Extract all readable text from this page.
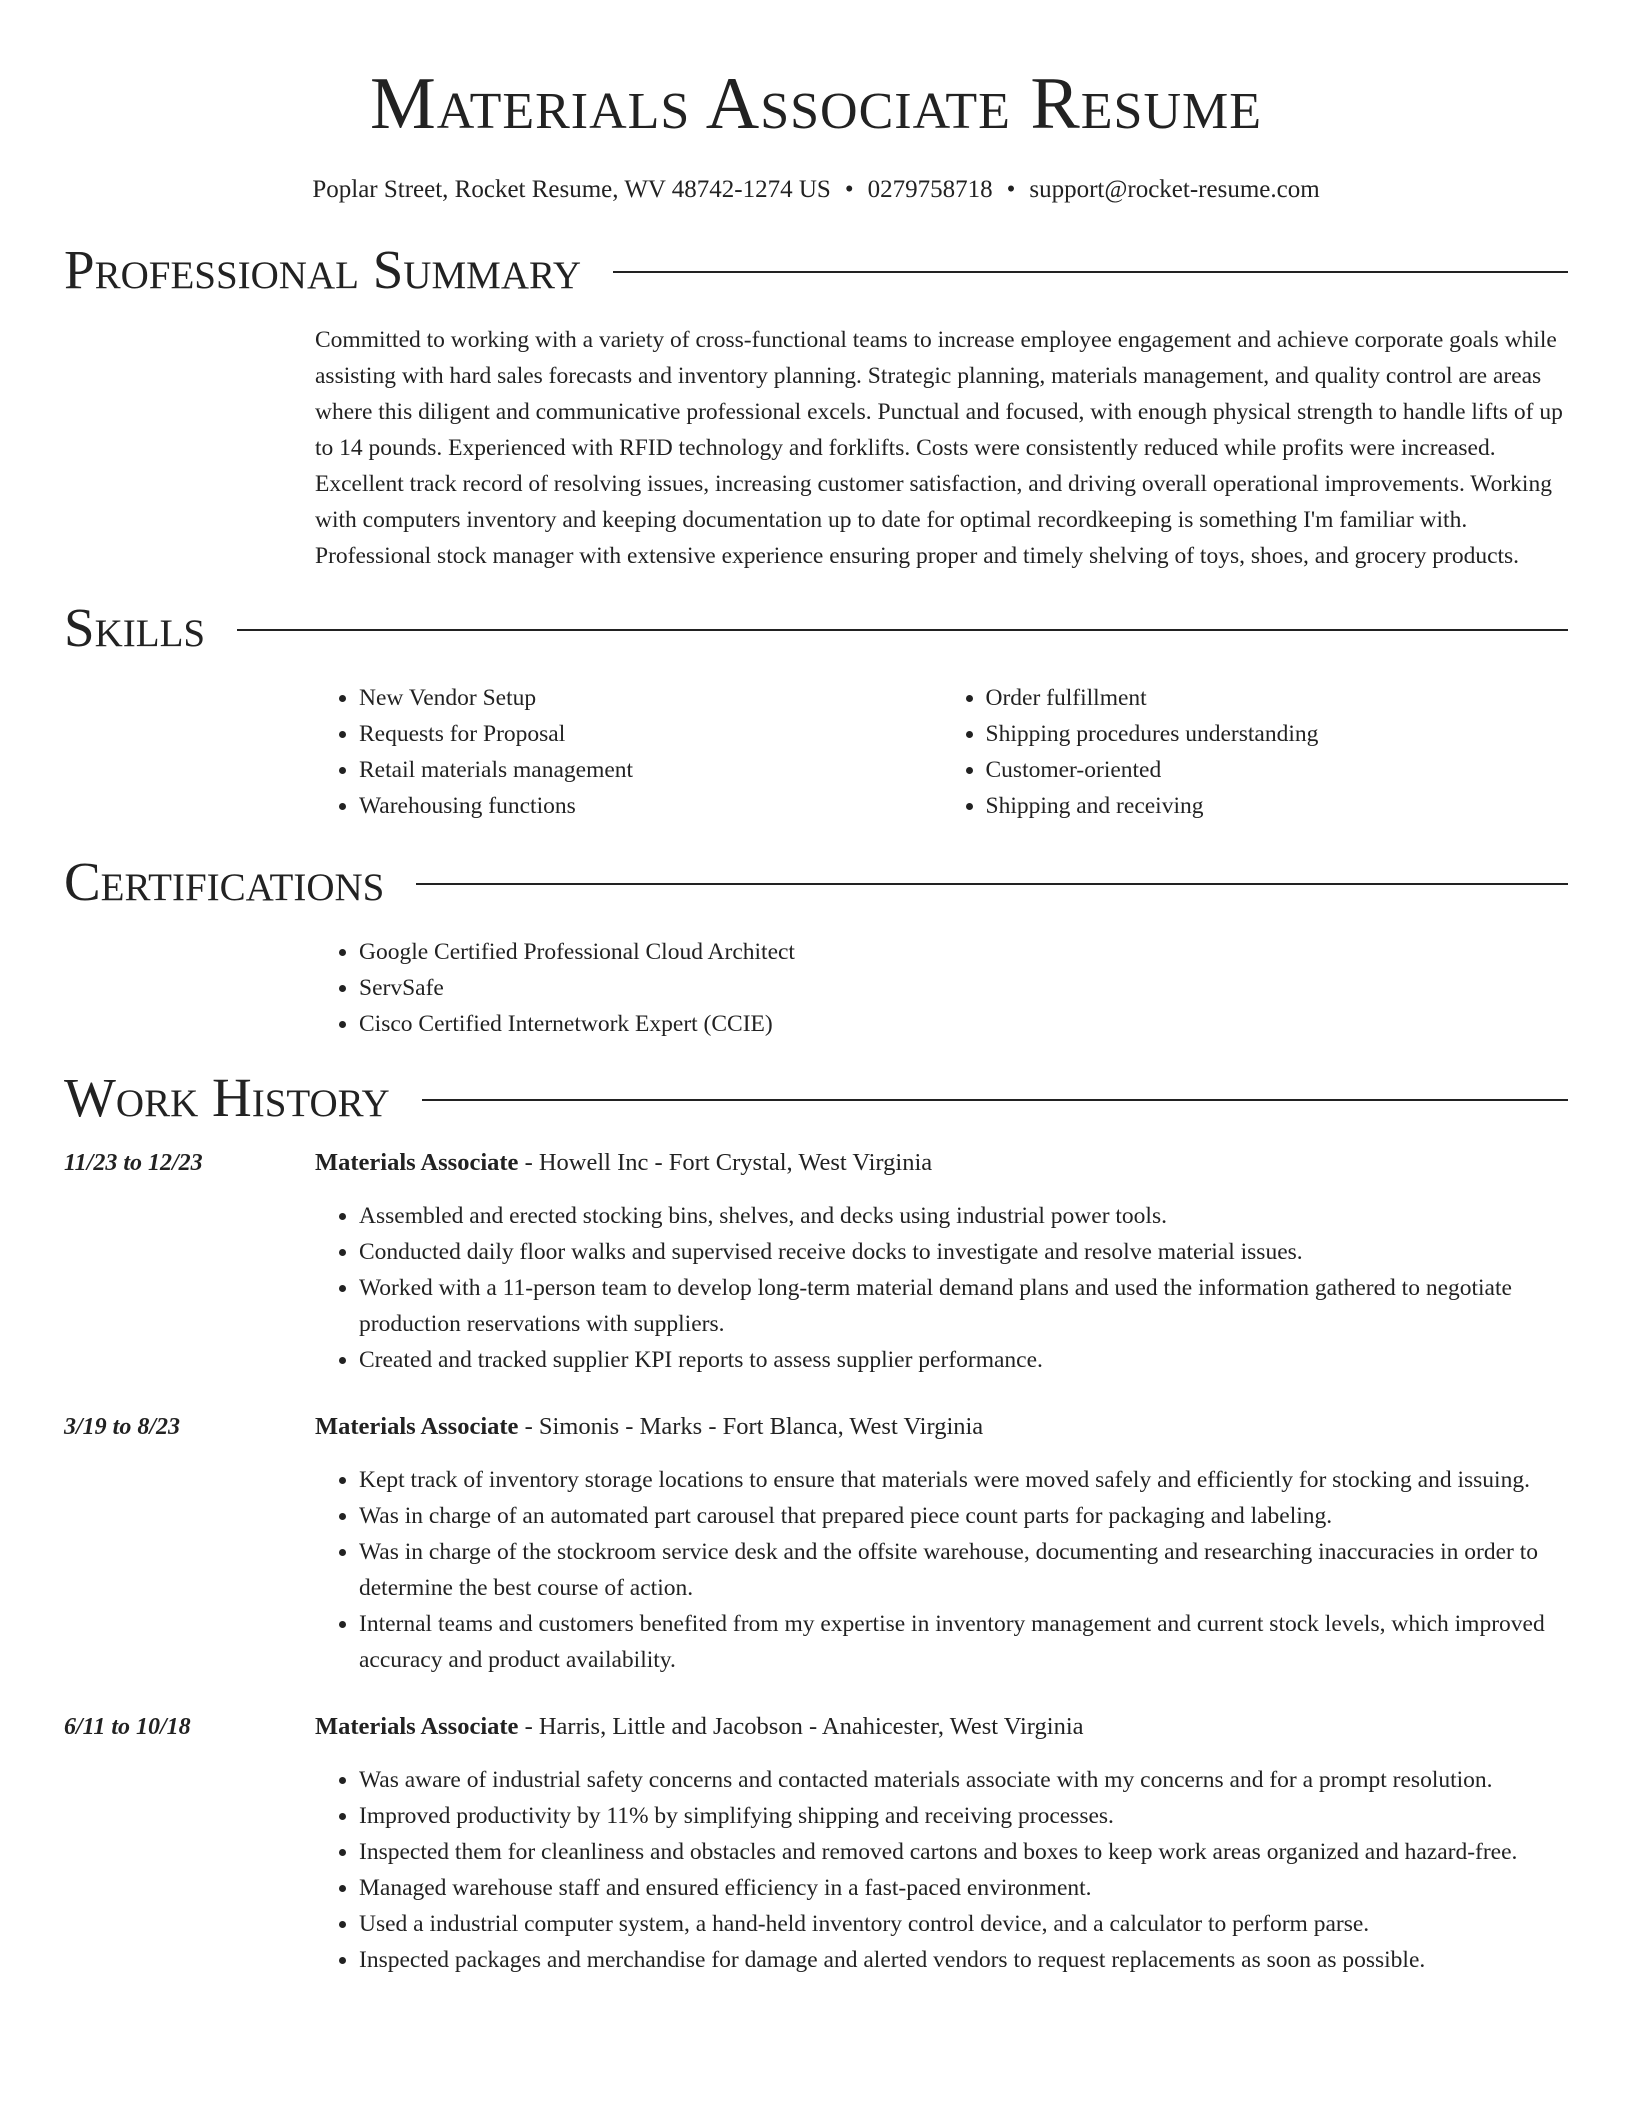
Materials Associate Resume
Poplar Street, Rocket Resume, WV 48742-1274 US • 0279758718 • support@rocket-resume.com
Professional Summary

Committed to working with a variety of cross-functional teams to increase employee engagement and achieve corporate goals while assisting with hard sales forecasts and inventory planning. Strategic planning, materials management, and quality control are areas where this diligent and communicative professional excels. Punctual and focused, with enough physical strength to handle lifts of up to 14 pounds. Experienced with RFID technology and forklifts. Costs were consistently reduced while profits were increased. Excellent track record of resolving issues, increasing customer satisfaction, and driving overall operational improvements. Working with computers inventory and keeping documentation up to date for optimal recordkeeping is something I'm familiar with. Professional stock manager with extensive experience ensuring proper and timely shelving of toys, shoes, and grocery products.

Skills
• New Vendor Setup
• Requests for Proposal
• Retail materials management
• Warehousing functions
• Order fulfillment
• Shipping procedures understanding
• Customer-oriented
• Shipping and receiving
Certifications
• Google Certified Professional Cloud Architect
• ServSafe
• Cisco Certified Internetwork Expert (CCIE)
Work History
11/23 to 12/23	Materials Associate - Howell Inc - Fort Crystal, West Virginia
• Assembled and erected stocking bins, shelves, and decks using industrial power tools.
• Conducted daily floor walks and supervised receive docks to investigate and resolve material issues.
• Worked with a 11-person team to develop long-term material demand plans and used the information gathered to negotiate production reservations with suppliers.
• Created and tracked supplier KPI reports to assess supplier performance.
3/19 to 8/23	Materials Associate - Simonis - Marks - Fort Blanca, West Virginia
• Kept track of inventory storage locations to ensure that materials were moved safely and efficiently for stocking and issuing.
• Was in charge of an automated part carousel that prepared piece count parts for packaging and labeling.
• Was in charge of the stockroom service desk and the offsite warehouse, documenting and researching inaccuracies in order to determine the best course of action.
• Internal teams and customers benefited from my expertise in inventory management and current stock levels, which improved accuracy and product availability.
6/11 to 10/18	Materials Associate - Harris, Little and Jacobson - Anahicester, West Virginia
• Was aware of industrial safety concerns and contacted materials associate with my concerns and for a prompt resolution.
• Improved productivity by 11% by simplifying shipping and receiving processes.
• Inspected them for cleanliness and obstacles and removed cartons and boxes to keep work areas organized and hazard-free.
• Managed warehouse staff and ensured efficiency in a fast-paced environment.
• Used a industrial computer system, a hand-held inventory control device, and a calculator to perform parse.
• Inspected packages and merchandise for damage and alerted vendors to request replacements as soon as possible.
